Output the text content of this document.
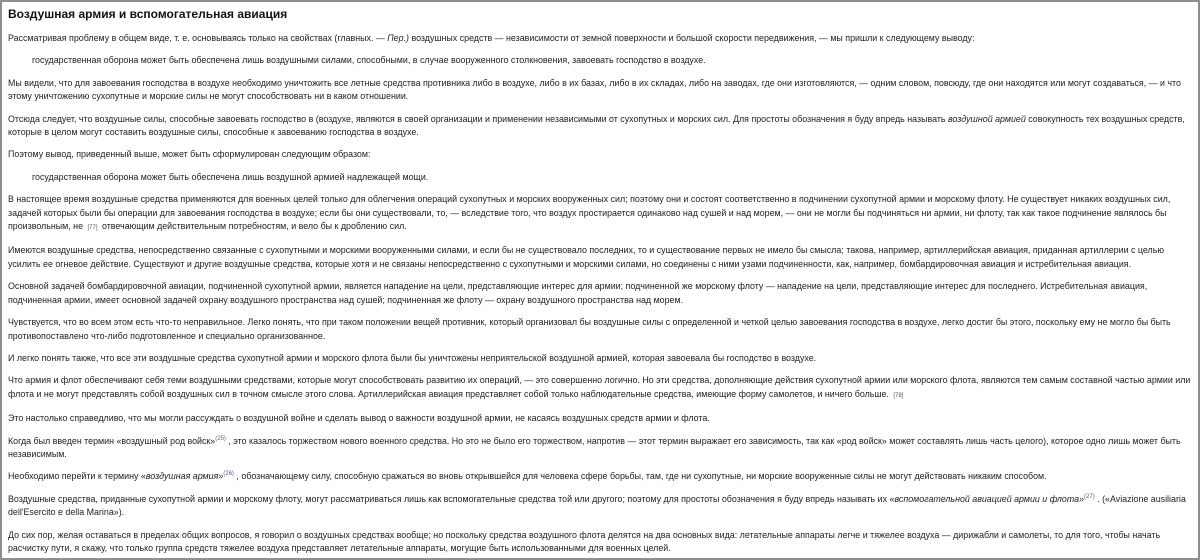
Воздушная армия и вспомогательная авиация

Рассматривая проблему в общем виде, т. е. основываясь только на свойствах (главных. — Пер.) воздушных средств — независимости от земной поверхности и большой скорости передвижения, — мы пришли к следующему выводу:

государственная оборона может быть обеспечена лишь воздушными силами, способными, в случае вооруженного столкновения, завоевать господство в воздухе.

Мы видели, что для завоевания господства в воздухе необходимо уничтожить все летные средства противника либо в воздухе, либо в их базах, либо в их складах, либо на заводах, где они изготовляются, — одним словом, повсюду, где они находятся или могут создаваться, — и что этому уничтожению сухопутные и морские силы не могут способствовать ни в каком отношении.

Отсюда следует, что воздушные силы, способные завоевать господство в (воздухе, являются в своей организации и применении независимыми от сухопутных и морских сил. Для простоты обозначения я буду впредь называть воздушной армией совокупность тех воздушных средств, которые в целом могут составить воздушные силы, способные к завоеванию господства в воздухе.

Поэтому вывод, приведенный выше, может быть сформулирован следующим образом:

государственная оборона может быть обеспечена лишь воздушной армией надлежащей мощи.

В настоящее время воздушные средства применяются для военных целей только для облегчения операций сухопутных и морских вооруженных сил; поэтому они и состоят соответственно в подчинении сухопутной армии и морскому флоту. Не существует никаких воздушных сил, задачей которых были бы операции для завоевания господства в воздухе; если бы они существовали, то, — вследствие того, что воздух простирается одинаково над сушей и над морем, — они не могли бы подчиняться ни армии, ни флоту, так как такое подчинение являлось бы произвольным, не [77] отвечающим действительным потребностям, и вело бы к дроблению сил.

Имеются воздушные средства, непосредственно связанные с сухопутными и морскими вооруженными силами, и если бы не существовало последних, то и существование первых не имело бы смысла; такова, например, артиллерийская авиация, приданная артиллерии с целью усилить ее огневое действие. Существуют и другие воздушные средства, которые хотя и не связаны непосредственно с сухопутными и морскими силами, но соединены с ними узами подчиненности, как, например, бомбардировочная авиация и истребительная авиация.

Основной задачей бомбардировочной авиации, подчиненной сухопутной армии, является нападение на цели, представляющие интерес для армии; подчиненной же морскому флоту — нападение на цели, представляющие интерес для последнего. Истребительная авиация, подчиненная армии, имеет основной задачей охрану воздушного пространства над сушей; подчиненная же флоту — охрану воздушного пространства над морем.

Чувствуется, что во всем этом есть что-то неправильное. Легко понять, что при таком положении вещей противник, который организовал бы воздушные силы с определенной и четкой целью завоевания господства в воздухе, легко достиг бы этого, поскольку ему не могло бы быть противопоставлено что-либо подготовленное и специально организованное.

И легко понять также, что все эти воздушные средства сухопутной армии и морского флота были бы уничтожены неприятельской воздушной армией, которая завоевала бы господство в воздухе.

Что армия и флот обеспечивают себя теми воздушными средствами, которые могут способствовать развитию их операций, — это совершенно логично. Но эти средства, дополняющие действия сухопутной армии или морского флота, являются тем самым составной частью армии или флота и не могут представлять собой воздушных сил в точном смысле этого слова. Артиллерийская авиация представляет собой только наблюдательные средства, имеющие форму самолетов, и ничего больше. [78]

Это настолько справедливо, что мы могли рассуждать о воздушной войне и сделать вывод о важности воздушной армии, не касаясь воздушных средств армии и флота.

Когда был введен термин «воздушный род войск»$^{(25)}$ , это казалось торжеством нового военного средства. Но это не было его торжеством, напротив — этот термин выражает его зависимость, так как «род войск» может составлять лишь часть целого), которое одно лишь может быть независимым.

Необходимо перейти к термину «воздушная армия»$^{(26)}$ , обозначающему силу, способную сражаться во вновь открывшейся для человека сфере борьбы, там, где ни сухопутные, ни морские вооруженные силы не могут действовать никаким способом.

Воздушные средства, приданные сухопутной армии и морскому флоту, могут рассматриваться лишь как вспомогательные средства той или другого; поэтому для простоты обозначения я буду впредь называть их «вспомогательной авиацией армии и флота»$^{(27)}$ . («Aviazione ausiliaria dell'Esercito e della Marina»).

До сих пор, желая оставаться в пределах общих вопросов, я говорил о воздушных средствах вообще; но поскольку средства воздушного флота делятся на два основных вида: летательные аппараты легче и тяжелее воздуха — дирижабли и самолеты, то для того, чтобы начать расчистку пути, я скажу, что только группа средств тяжелее воздуха представляет летательные аппараты, могущие быть использованными для военных целей.
